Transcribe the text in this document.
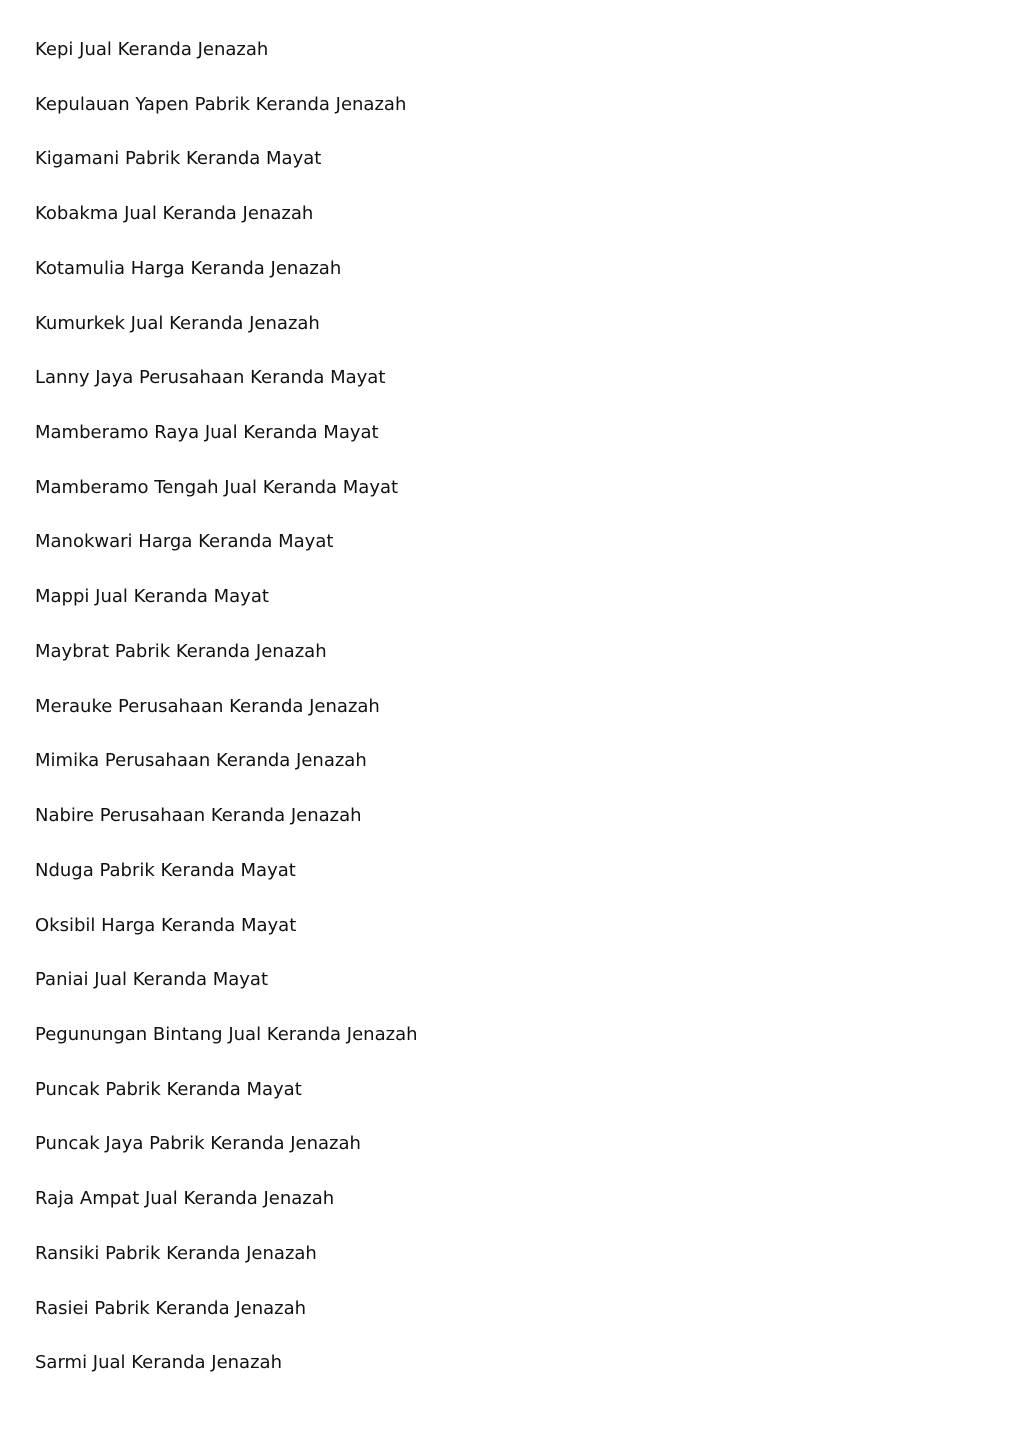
Kepi Jual Keranda Jenazah
Kepulauan Yapen Pabrik Keranda Jenazah
Kigamani Pabrik Keranda Mayat
Kobakma Jual Keranda Jenazah
Kotamulia Harga Keranda Jenazah
Kumurkek Jual Keranda Jenazah
Lanny Jaya Perusahaan Keranda Mayat
Mamberamo Raya Jual Keranda Mayat
Mamberamo Tengah Jual Keranda Mayat
Manokwari Harga Keranda Mayat
Mappi Jual Keranda Mayat
Maybrat Pabrik Keranda Jenazah
Merauke Perusahaan Keranda Jenazah
Mimika Perusahaan Keranda Jenazah
Nabire Perusahaan Keranda Jenazah
Nduga Pabrik Keranda Mayat
Oksibil Harga Keranda Mayat
Paniai Jual Keranda Mayat
Pegunungan Bintang Jual Keranda Jenazah
Puncak Pabrik Keranda Mayat
Puncak Jaya Pabrik Keranda Jenazah
Raja Ampat Jual Keranda Jenazah
Ransiki Pabrik Keranda Jenazah
Rasiei Pabrik Keranda Jenazah
Sarmi Jual Keranda Jenazah
